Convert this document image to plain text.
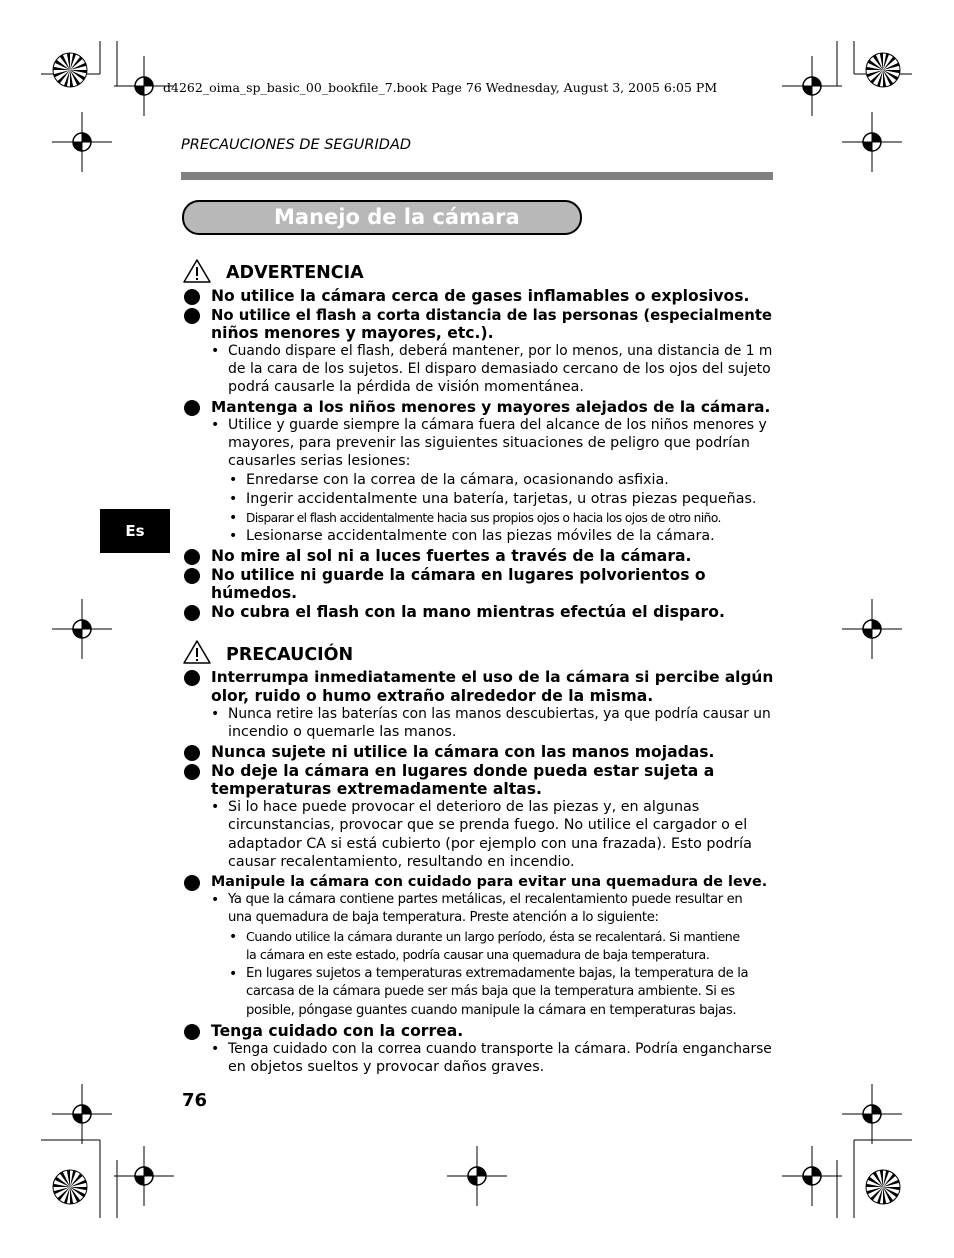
d4262_oima_sp_basic_00_bookfile_7.book Page 76 Wednesday, August 3, 2005 6:05 PM
PRECAUCIONES DE SEGURIDAD
Manejo de la cámara
Es
ADVERTENCIA
No utilice la cámara cerca de gases inflamables o explosivos.
No utilice el flash a corta distancia de las personas (especialmente
niños menores y mayores, etc.).
• Cuando dispare el flash, deberá mantener, por lo menos, una distancia de 1 m
de la cara de los sujetos. El disparo demasiado cercano de los ojos del sujeto
podrá causarle la pérdida de visión momentánea.
Mantenga a los niños menores y mayores alejados de la cámara.
• Utilice y guarde siempre la cámara fuera del alcance de los niños menores y
mayores, para prevenir las siguientes situaciones de peligro que podrían
causarles serias lesiones:
• Enredarse con la correa de la cámara, ocasionando asfixia.
• Ingerir accidentalmente una batería, tarjetas, u otras piezas pequeñas.
• Disparar el flash accidentalmente hacia sus propios ojos o hacia los ojos de otro niño.
• Lesionarse accidentalmente con las piezas móviles de la cámara.
No mire al sol ni a luces fuertes a través de la cámara.
No utilice ni guarde la cámara en lugares polvorientos o
húmedos.
No cubra el flash con la mano mientras efectúa el disparo.
PRECAUCIÓN
Interrumpa inmediatamente el uso de la cámara si percibe algún
olor, ruido o humo extraño alrededor de la misma.
• Nunca retire las baterías con las manos descubiertas, ya que podría causar un
incendio o quemarle las manos.
Nunca sujete ni utilice la cámara con las manos mojadas.
No deje la cámara en lugares donde pueda estar sujeta a
temperaturas extremadamente altas.
• Si lo hace puede provocar el deterioro de las piezas y, en algunas
circunstancias, provocar que se prenda fuego. No utilice el cargador o el
adaptador CA si está cubierto (por ejemplo con una frazada). Esto podría
causar recalentamiento, resultando en incendio.
Manipule la cámara con cuidado para evitar una quemadura de leve.
• Ya que la cámara contiene partes metálicas, el recalentamiento puede resultar en
una quemadura de baja temperatura. Preste atención a lo siguiente:
• Cuando utilice la cámara durante un largo período, ésta se recalentará. Si mantiene
la cámara en este estado, podría causar una quemadura de baja temperatura.
• En lugares sujetos a temperaturas extremadamente bajas, la temperatura de la
carcasa de la cámara puede ser más baja que la temperatura ambiente. Si es
posible, póngase guantes cuando manipule la cámara en temperaturas bajas.
Tenga cuidado con la correa.
• Tenga cuidado con la correa cuando transporte la cámara. Podría engancharse
en objetos sueltos y provocar daños graves.
76
